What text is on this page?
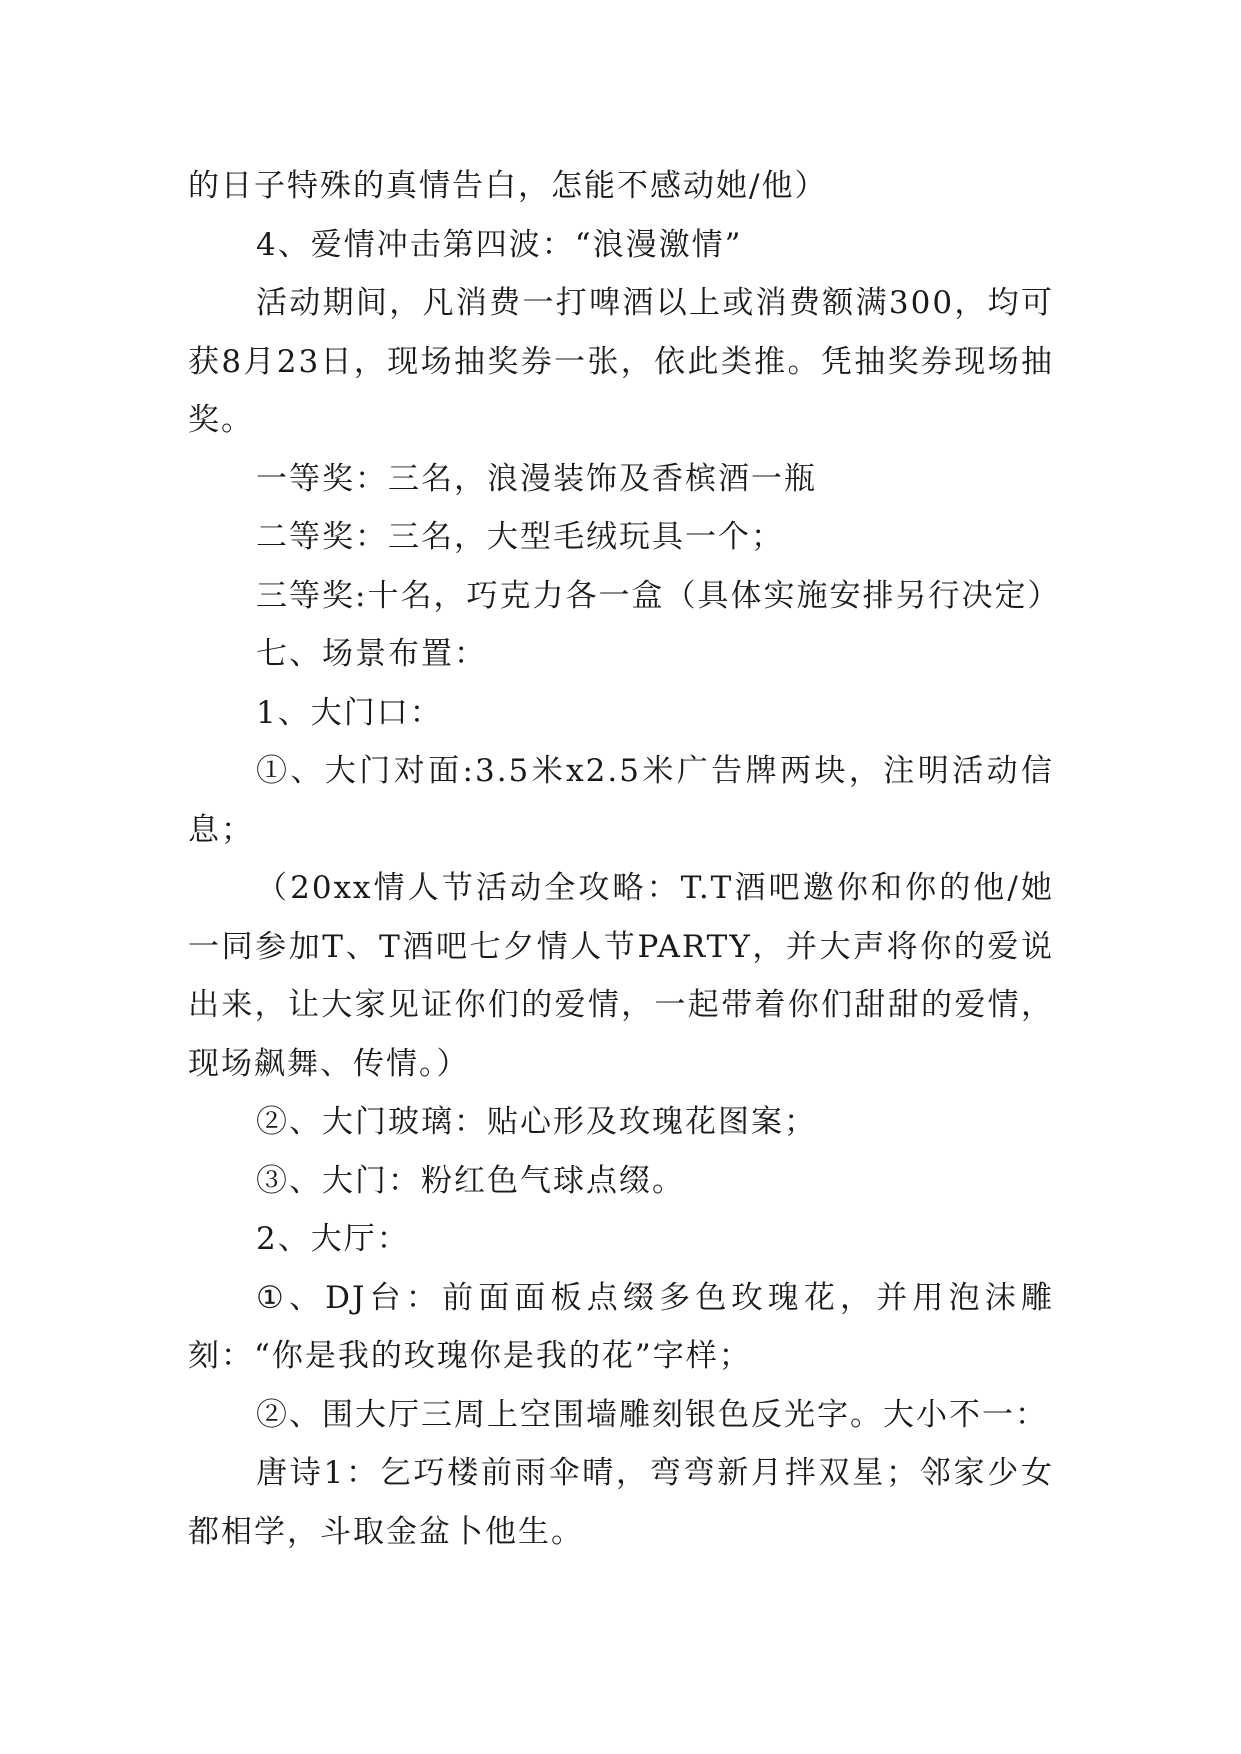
的日子特殊的真情告白，怎能不感动她/他）

4、爱情冲击第四波：“浪漫激情”

活动期间，凡消费一打啤酒以上或消费额满300，均可获8月23日，现场抽奖券一张，依此类推。凭抽奖券现场抽奖。

一等奖：三名，浪漫装饰及香槟酒一瓶

二等奖：三名，大型毛绒玩具一个；

三等奖:十名，巧克力各一盒（具体实施安排另行决定）

七、场景布置：

1、大门口：

①、大门对面:3.5米x2.5米广告牌两块，注明活动信息；

（20xx情人节活动全攻略：T.T酒吧邀你和你的他/她一同参加T、T酒吧七夕情人节PARTY，并大声将你的爱说出来，让大家见证你们的爱情，一起带着你们甜甜的爱情，现场飙舞、传情。）

②、大门玻璃：贴心形及玫瑰花图案；

③、大门：粉红色气球点缀。

2、大厅：

①、DJ台：前面面板点缀多色玫瑰花，并用泡沫雕刻：“你是我的玫瑰你是我的花”字样；

②、围大厅三周上空围墙雕刻银色反光字。大小不一：

唐诗1：乞巧楼前雨伞晴，弯弯新月拌双星；邻家少女都相学，斗取金盆卜他生。
